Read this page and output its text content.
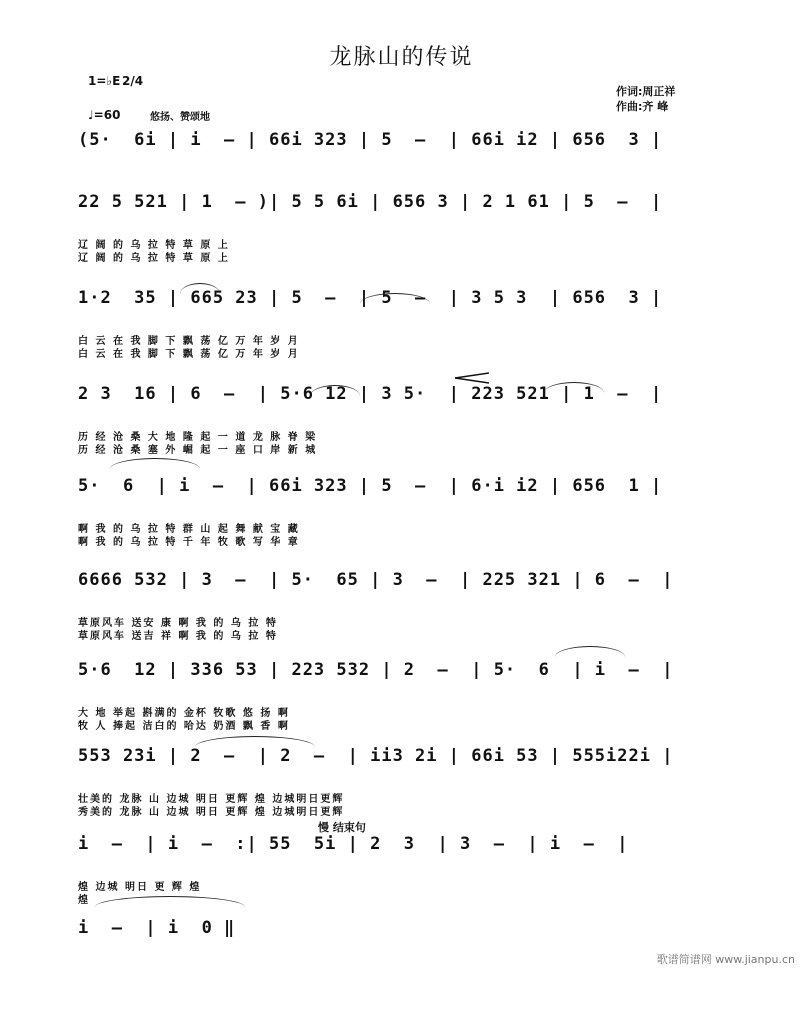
龙脉山的传说
1=♭E 2/4
♩=60	悠扬、赞颂地
作词:周正祥
作曲:齐 峰
(5·  6i | i  – | 66i 323 | 5  –  | 66i i2 | 656  3 |
22 5 521 | 1  – )| 5 5 6i | 656 3 | 2 1 61 | 5  –  |
辽 阔 的 乌 拉 特 草 原 上
辽 阔 的 乌 拉 特 草 原 上
1·2  35 | 665 23 | 5  –  | 5  –  | 3 5 3  | 656  3 |
白 云 在 我 脚 下 飘 荡 亿 万 年 岁 月
白 云 在 我 脚 下 飘 荡 亿 万 年 岁 月
2 3  16 | 6  –  | 5·6 12 | 3 5·  | 223 521 | 1  –  |
历 经 沧 桑 大 地 隆 起 一 道 龙 脉 脊 梁
历 经 沧 桑 塞 外 崛 起 一 座 口 岸 新 城
5·  6  | i  –  | 66i 323 | 5  –  | 6·i i2 | 656  1 |
啊 我 的 乌 拉 特 群 山 起 舞 献 宝 藏
啊 我 的 乌 拉 特 千 年 牧 歌 写 华 章
6666 532 | 3  –  | 5·  65 | 3  –  | 225 321 | 6  –  |
草原风车 送安 康 啊 我 的 乌 拉 特
草原风车 送吉 祥 啊 我 的 乌 拉 特
5·6  12 | 336 53 | 223 532 | 2  –  | 5·  6  | i  –  |
大 地 举起 斟满的 金杯 牧歌 悠 扬 啊
牧 人 捧起 洁白的 哈达 奶酒 飘 香 啊
553 23i | 2  –  | 2  –  | ii3 2i | 66i 53 | 555i22i |
壮美的 龙脉 山 边城 明日 更辉 煌 边城明日更辉
秀美的 龙脉 山 边城 明日 更辉 煌 边城明日更辉
i  –  | i  –  :| 55  5i | 2  3  | 3  –  | i  –  |
煌 边城 明日 更 辉 煌
煌
i  –  | i  0 ‖
慢 结束句
歌谱简谱网 www.jianpu.cn
